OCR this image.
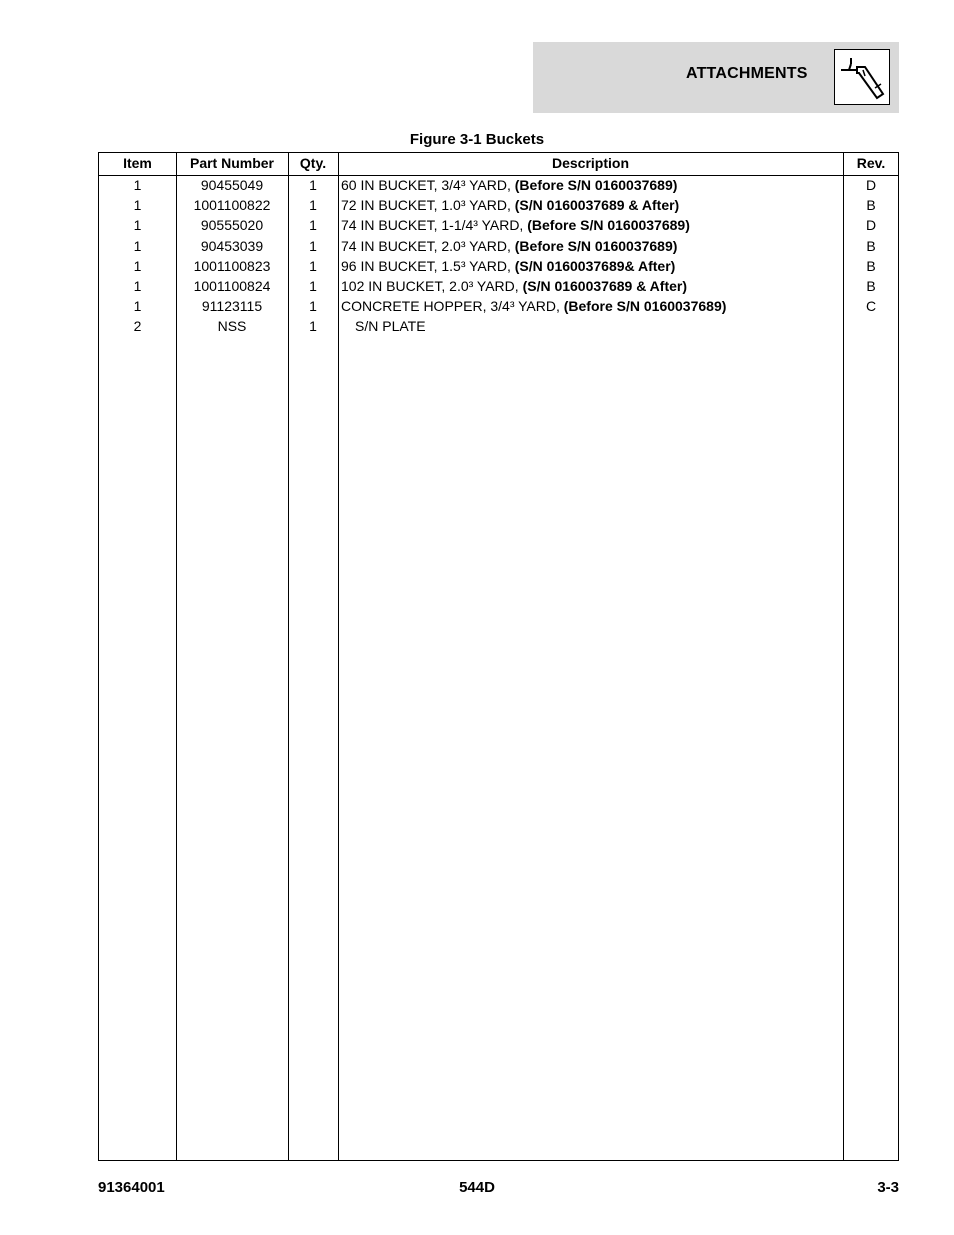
ATTACHMENTS
Figure 3-1 Buckets
Item	Part Number	Qty.	Description	Rev.
1	90455049	1	60 IN BUCKET, 3/4³ YARD, (Before S/N 0160037689)	D
1	1001100822	1	72 IN BUCKET, 1.0³ YARD, (S/N 0160037689 & After)	B
1	90555020	1	74 IN BUCKET, 1-1/4³ YARD, (Before S/N 0160037689)	D
1	90453039	1	74 IN BUCKET, 2.0³ YARD, (Before S/N 0160037689)	B
1	1001100823	1	96 IN BUCKET, 1.5³ YARD, (S/N 0160037689& After)	B
1	1001100824	1	102 IN BUCKET, 2.0³ YARD, (S/N 0160037689 & After)	B
1	91123115	1	CONCRETE HOPPER, 3/4³ YARD, (Before S/N 0160037689)	C
2	NSS	1	S/N PLATE
91364001	544D	3-3
